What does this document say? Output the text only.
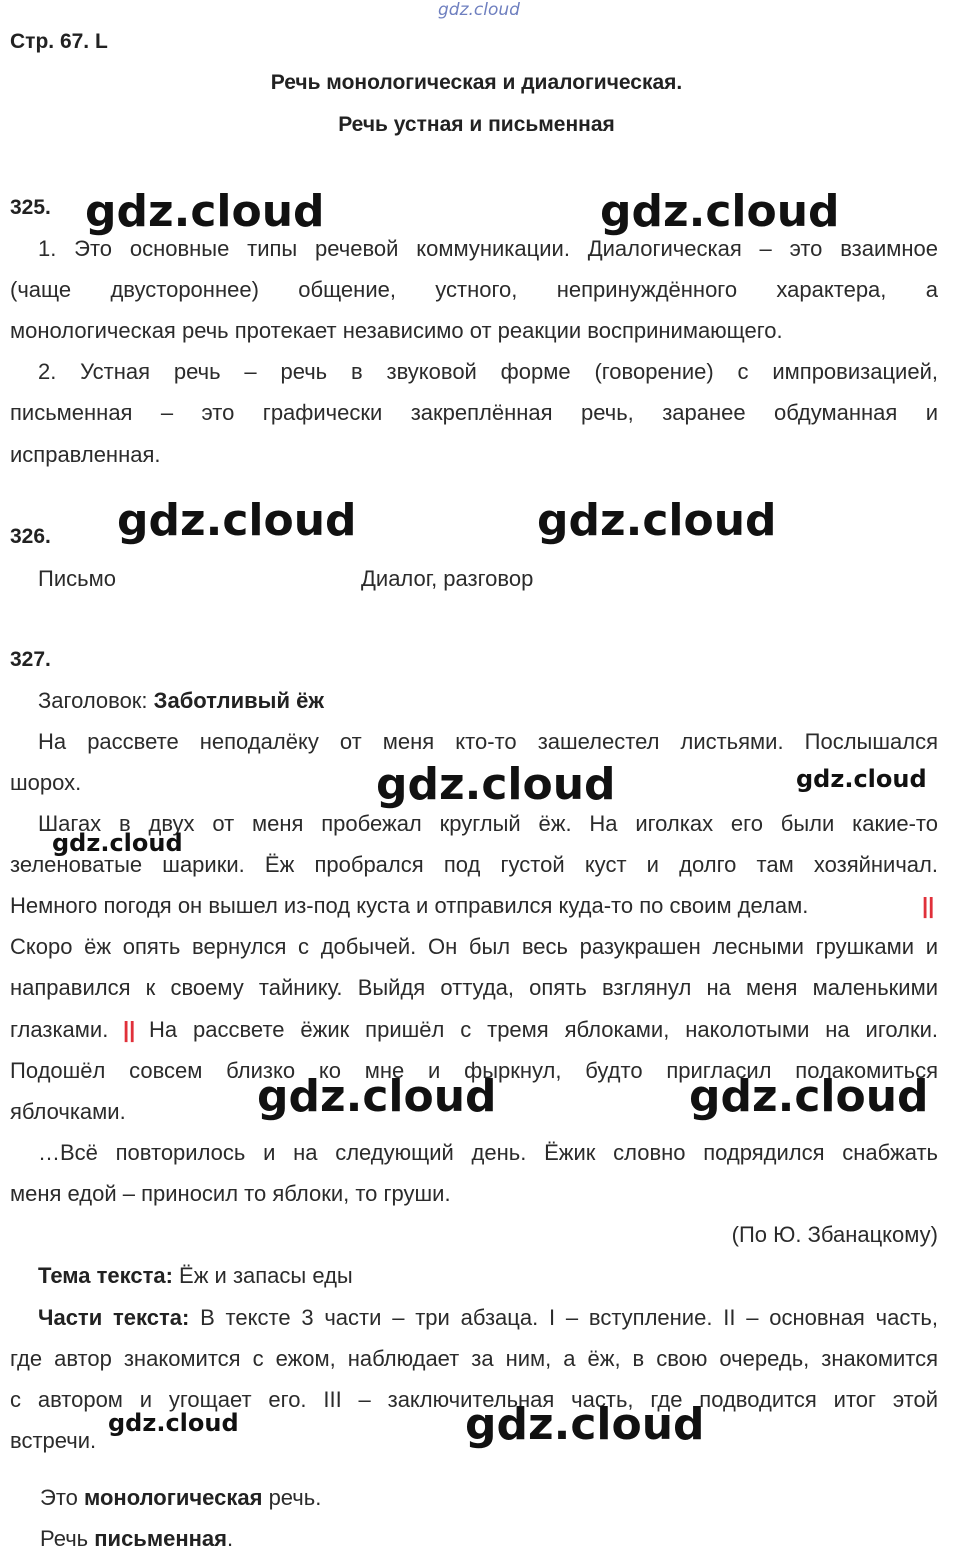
gdz.cloud
Стр. 67. L
Речь монологическая и диалогическая.
Речь устная и письменная
325.
1. Это основные типы речевой коммуникации. Диалогическая – это взаимное
(чаще двустороннее) общение, устного, непринуждённого характера, а
монологическая речь протекает независимо от реакции воспринимающего.
2. Устная речь – речь в звуковой форме (говорение) с импровизацией,
письменная – это графически закреплённая речь, заранее обдуманная и
исправленная.
326.
Письмо	Диалог, разговор
327.
Заголовок: Заботливый ёж
На рассвете неподалёку от меня кто-то зашелестел листьями. Послышался
шорох.
Шагах в двух от меня пробежал круглый ёж. На иголках его были какие-то
зеленоватые шарики. Ёж пробрался под густой куст и долго там хозяйничал.
Немного погодя он вышел из-под куста и отправился куда-то по своим делам.	||
Скоро ёж опять вернулся с добычей. Он был весь разукрашен лесными грушками и
направился к своему тайнику. Выйдя оттуда, опять взглянул на меня маленькими
глазками. || На рассвете ёжик пришёл с тремя яблоками, наколотыми на иголки.
Подошёл совсем близко ко мне и фыркнул, будто пригласил полакомиться
яблочками.
…Всё повторилось и на следующий день. Ёжик словно подрядился снабжать
меня едой – приносил то яблоки, то груши.
(По Ю. Збанацкому)
Тема текста: Ёж и запасы еды
Части текста: В тексте 3 части – три абзаца. I – вступление. II – основная часть,
где автор знакомится с ежом, наблюдает за ним, а ёж, в свою очередь, знакомится
с автором и угощает его. III – заключительная часть, где подводится итог этой
встречи.
Это монологическая речь.
Речь письменная.
gdz.cloud	gdz.cloud
gdz.cloud	gdz.cloud
gdz.cloud	gdz.cloud
gdz.cloud
gdz.cloud	gdz.cloud
gdz.cloud	gdz.cloud
